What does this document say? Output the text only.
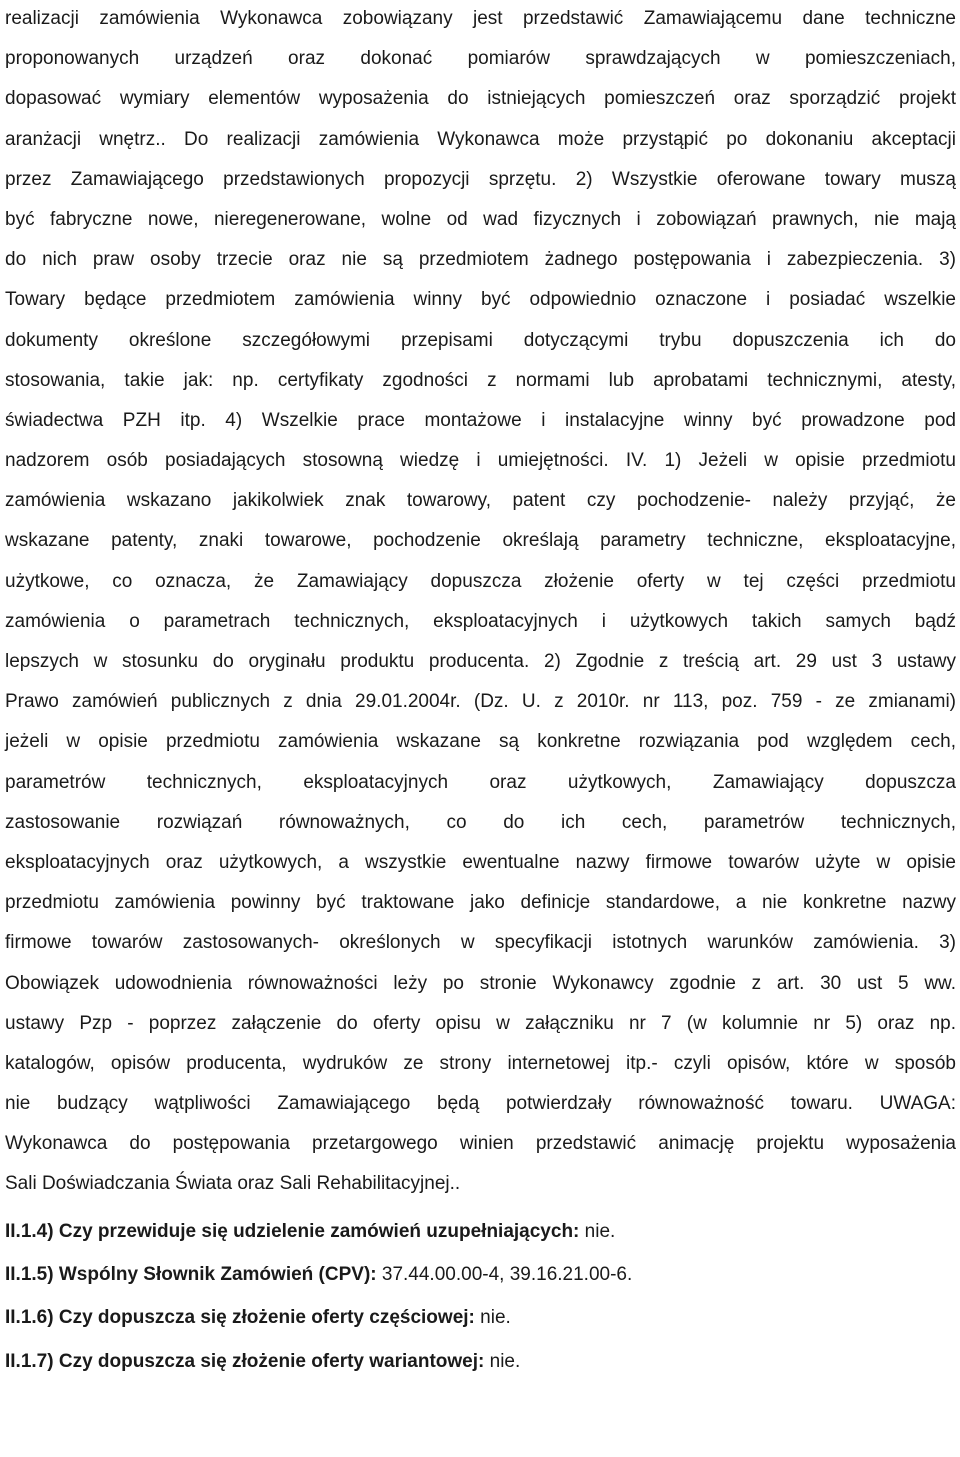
realizacji zamówienia Wykonawca zobowiązany jest przedstawić Zamawiającemu dane techniczne
proponowanych urządzeń oraz dokonać pomiarów sprawdzających w pomieszczeniach,
dopasować wymiary elementów wyposażenia do istniejących pomieszczeń oraz sporządzić projekt
aranżacji wnętrz.. Do realizacji zamówienia Wykonawca może przystąpić po dokonaniu akceptacji
przez Zamawiającego przedstawionych propozycji sprzętu. 2) Wszystkie oferowane towary muszą
być fabryczne nowe, nieregenerowane, wolne od wad fizycznych i zobowiązań prawnych, nie mają
do nich praw osoby trzecie oraz nie są przedmiotem żadnego postępowania i zabezpieczenia. 3)
Towary będące przedmiotem zamówienia winny być odpowiednio oznaczone i posiadać wszelkie
dokumenty określone szczegółowymi przepisami dotyczącymi trybu dopuszczenia ich do
stosowania, takie jak: np. certyfikaty zgodności z normami lub aprobatami technicznymi, atesty,
świadectwa PZH itp. 4) Wszelkie prace montażowe i instalacyjne winny być prowadzone pod
nadzorem osób posiadających stosowną wiedzę i umiejętności. IV. 1) Jeżeli w opisie przedmiotu
zamówienia wskazano jakikolwiek znak towarowy, patent czy pochodzenie- należy przyjąć, że
wskazane patenty, znaki towarowe, pochodzenie określają parametry techniczne, eksploatacyjne,
użytkowe, co oznacza, że Zamawiający dopuszcza złożenie oferty w tej części przedmiotu
zamówienia o parametrach technicznych, eksploatacyjnych i użytkowych takich samych bądź
lepszych w stosunku do oryginału produktu producenta. 2) Zgodnie z treścią art. 29 ust 3 ustawy
Prawo zamówień publicznych z dnia 29.01.2004r. (Dz. U. z 2010r. nr 113, poz. 759 - ze zmianami)
jeżeli w opisie przedmiotu zamówienia wskazane są konkretne rozwiązania pod względem cech,
parametrów technicznych, eksploatacyjnych oraz użytkowych, Zamawiający dopuszcza
zastosowanie rozwiązań równoważnych, co do ich cech, parametrów technicznych,
eksploatacyjnych oraz użytkowych, a wszystkie ewentualne nazwy firmowe towarów użyte w opisie
przedmiotu zamówienia powinny być traktowane jako definicje standardowe, a nie konkretne nazwy
firmowe towarów zastosowanych- określonych w specyfikacji istotnych warunków zamówienia. 3)
Obowiązek udowodnienia równoważności leży po stronie Wykonawcy zgodnie z art. 30 ust 5 ww.
ustawy Pzp - poprzez załączenie do oferty opisu w załączniku nr 7 (w kolumnie nr 5) oraz np.
katalogów, opisów producenta, wydruków ze strony internetowej itp.- czyli opisów, które w sposób
nie budzący wątpliwości Zamawiającego będą potwierdzały równoważność towaru. UWAGA:
Wykonawca do postępowania przetargowego winien przedstawić animację projektu wyposażenia
Sali Doświadczania Świata oraz Sali Rehabilitacyjnej..
II.1.4) Czy przewiduje się udzielenie zamówień uzupełniających: nie.
II.1.5) Wspólny Słownik Zamówień (CPV): 37.44.00.00-4, 39.16.21.00-6.
II.1.6) Czy dopuszcza się złożenie oferty częściowej: nie.
II.1.7) Czy dopuszcza się złożenie oferty wariantowej: nie.
